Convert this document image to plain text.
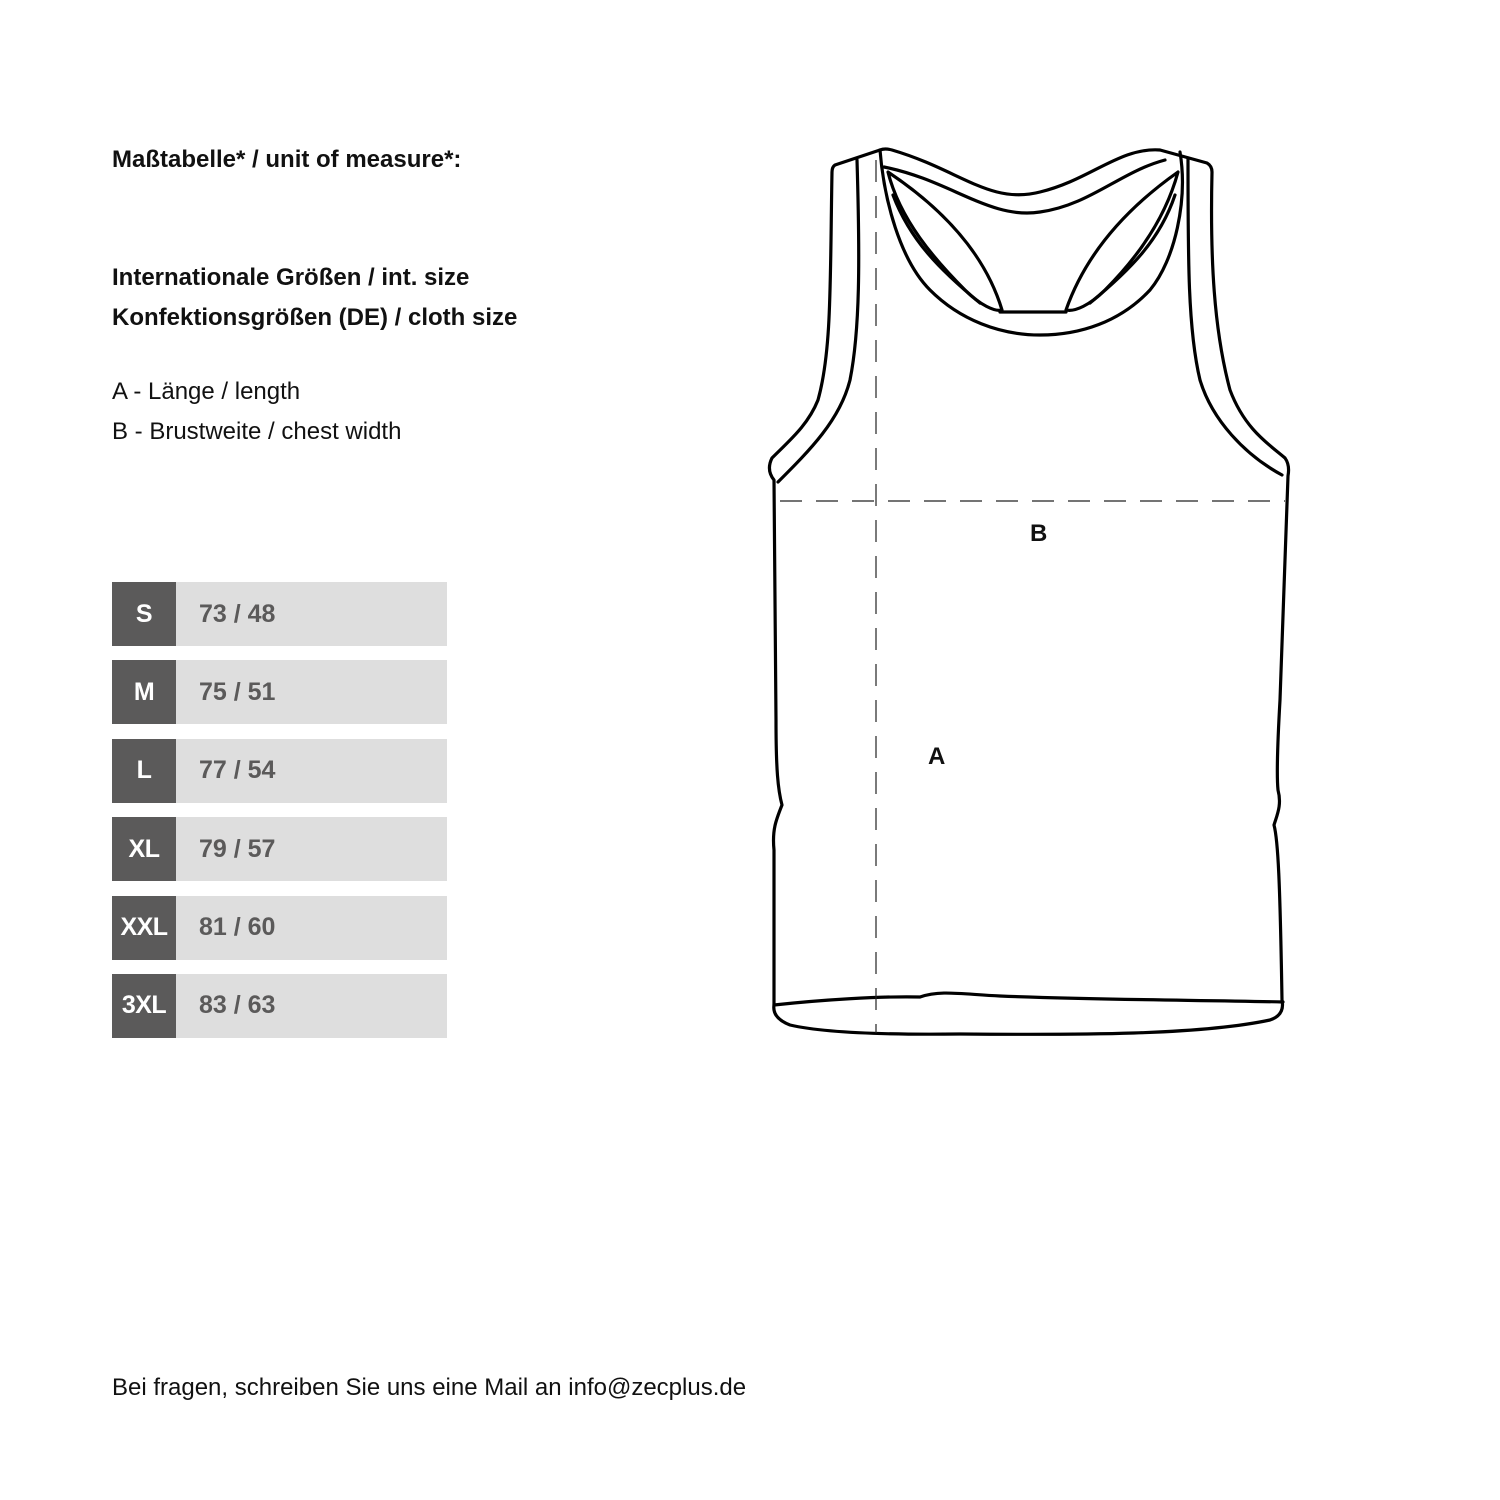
Maßtabelle* / unit of measure*:
Internationale Größen / int. size
Konfektionsgrößen (DE) / cloth size
A - Länge / length
B - Brustweite / chest width
S	73 / 48
M	75 / 51
L	77 / 54
XL	79 / 57
XXL	81 / 60
3XL	83 / 63
B
A
Bei fragen, schreiben Sie uns eine Mail an info@zecplus.de
